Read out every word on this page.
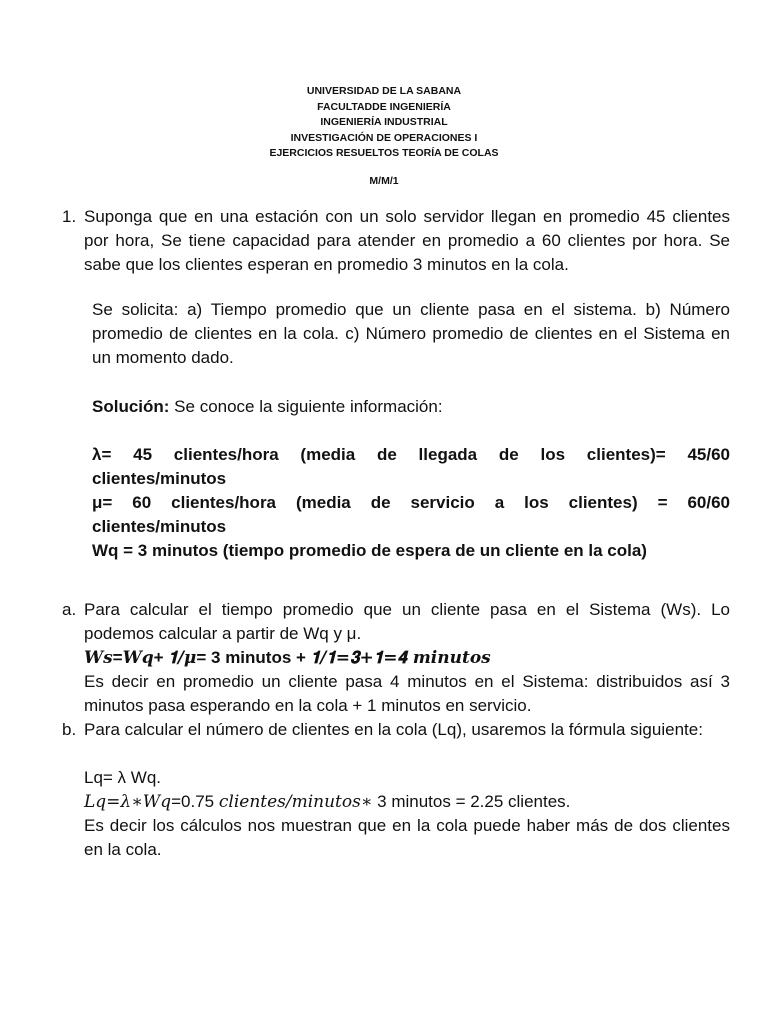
UNIVERSIDAD DE LA SABANA
FACULTADDE INGENIERÍA
INGENIERÍA INDUSTRIAL
INVESTIGACIÓN DE OPERACIONES I
EJERCICIOS RESUELTOS TEORÍA DE COLAS
M/M/1
1. Suponga que en una estación con un solo servidor llegan en promedio 45 clientes por hora, Se tiene capacidad para atender en promedio a 60 clientes por hora. Se sabe que los clientes esperan en promedio 3 minutos en la cola.
Se solicita: a) Tiempo promedio que un cliente pasa en el sistema. b) Número promedio de clientes en la cola. c) Número promedio de clientes en el Sistema en un momento dado.
Solución: Se conoce la siguiente información:
λ= 45 clientes/hora (media de llegada de los clientes)= 45/60
clientes/minutos
μ= 60 clientes/hora (media de servicio a los clientes) = 60/60
clientes/minutos
Wq = 3 minutos (tiempo promedio de espera de un cliente en la cola)
a. Para calcular el tiempo promedio que un cliente pasa en el Sistema (Ws). Lo podemos calcular a partir de Wq y μ.
𝑾𝒔=𝑾𝒒+ 𝟏/𝝁= 3 minutos + 𝟏/𝟏=𝟑+𝟏=𝟒 𝒎𝒊𝒏𝒖𝒕𝒐𝒔
Es decir en promedio un cliente pasa 4 minutos en el Sistema: distribuidos así 3 minutos pasa esperando en la cola + 1 minutos en servicio.
b. Para calcular el número de clientes en la cola (Lq), usaremos la fórmula siguiente:
Lq= λ Wq.
𝐿𝑞=𝜆∗𝑊𝑞=0.75 𝑐𝑙𝑖𝑒𝑛𝑡𝑒𝑠/𝑚𝑖𝑛𝑢𝑡𝑜𝑠∗ 3 minutos = 2.25 clientes.
Es decir los cálculos nos muestran que en la cola puede haber más de dos clientes en la cola.
